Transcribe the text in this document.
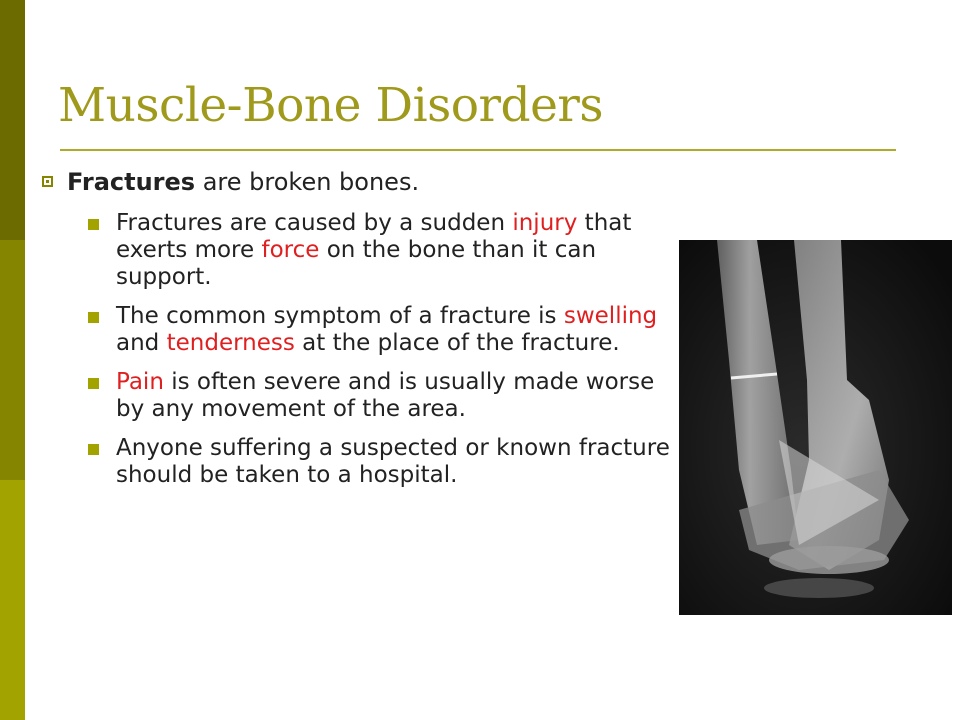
Muscle-Bone Disorders
Fractures are broken bones.
Fractures are caused by a sudden injury that exerts more force on the bone than it can support.
The common symptom of a fracture is swelling and tenderness at the place of the fracture.
Pain is often severe and is usually made worse by any movement of the area.
Anyone suffering a suspected or known fracture should be taken to a hospital.
